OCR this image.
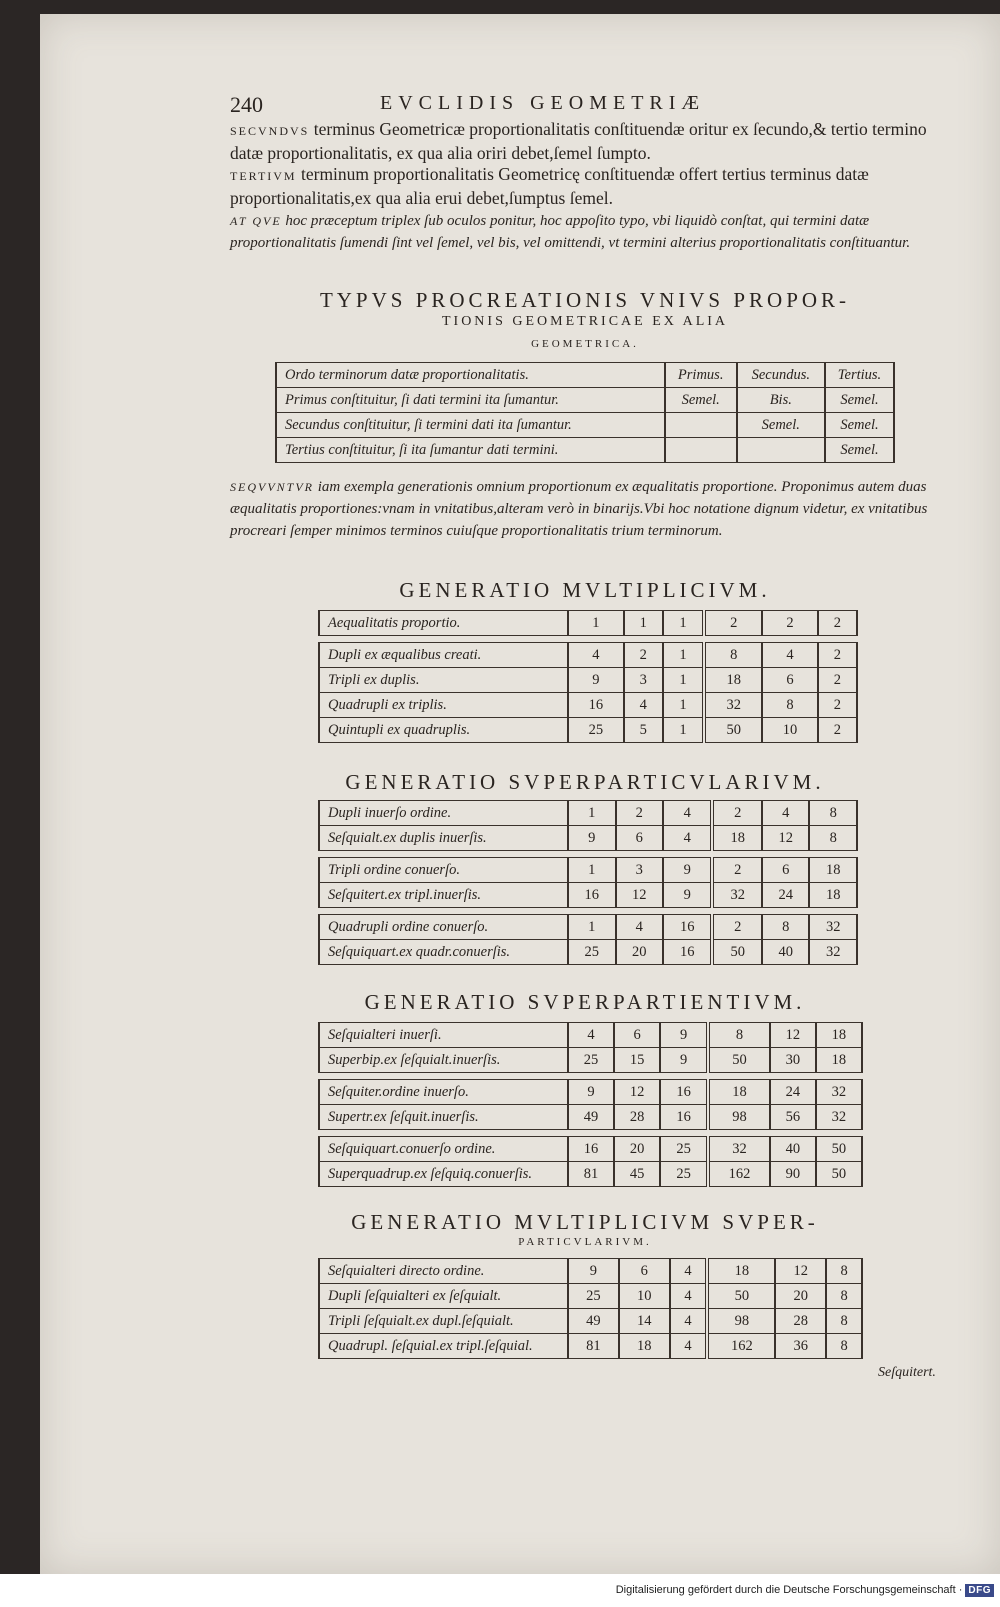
240	EVCLIDIS GEOMETRIÆ
SECVNDVS terminus Geometricæ proportionalitatis conſtituendæ oritur ex ſecundo,& tertio termino datæ proportionalitatis, ex qua alia oriri debet,ſemel ſumpto.
TERTIVM terminum proportionalitatis Geometricę conſtituendæ offert tertius terminus datæ proportionalitatis,ex qua alia erui debet,ſumptus ſemel.
AT QVE hoc præceptum triplex ſub oculos ponitur, hoc appoſito typo, vbi liquidò conſtat, qui termini datæ proportionalitatis ſumendi ſint vel ſemel, vel bis, vel omittendi, vt termini alterius proportionalitatis conſtituantur.
TYPVS PROCREATIONIS VNIVS PROPOR-
TIONIS GEOMETRICAE EX ALIA
GEOMETRICA.
Ordo terminorum datæ proportionalitatis.	Primus.	Secundus.	Tertius.
Primus conſtituitur, ſi dati termini ita ſumantur.	Semel.	Bis.	Semel.
Secundus conſtituitur, ſi termini dati ita ſumantur.		Semel.	Semel.
Tertius conſtituitur, ſi ita ſumantur dati termini.			Semel.
SEQVVNTVR iam exempla generationis omnium proportionum ex æqualitatis proportione. Proponimus autem duas æqualitatis proportiones:vnam in vnitatibus,alteram verò in binarijs.Vbi hoc notatione dignum videtur, ex vnitatibus procreari ſemper minimos terminos cuiuſque proportionalitatis trium terminorum.
GENERATIO MVLTIPLICIVM.
Aequalitatis proportio.	1	1	1	2	2	2

Dupli ex æqualibus creati.	4	2	1	8	4	2
Tripli ex duplis.	9	3	1	18	6	2
Quadrupli ex triplis.	16	4	1	32	8	2
Quintupli ex quadruplis.	25	5	1	50	10	2
GENERATIO SVPERPARTICVLARIVM.
Dupli inuerſo ordine.	1	2	4	2	4	8
Seſquialt.ex duplis inuerſis.	9	6	4	18	12	8

Tripli ordine conuerſo.	1	3	9	2	6	18
Seſquitert.ex tripl.inuerſis.	16	12	9	32	24	18

Quadrupli ordine conuerſo.	1	4	16	2	8	32
Seſquiquart.ex quadr.conuerſis.	25	20	16	50	40	32
GENERATIO SVPERPARTIENTIVM.
Seſquialteri inuerſi.	4	6	9	8	12	18
Superbip.ex ſeſquialt.inuerſis.	25	15	9	50	30	18

Seſquiter.ordine inuerſo.	9	12	16	18	24	32
Supertr.ex ſeſquit.inuerſis.	49	28	16	98	56	32

Seſquiquart.conuerſo ordine.	16	20	25	32	40	50
Superquadrup.ex ſeſquiq.conuerſis.	81	45	25	162	90	50
GENERATIO MVLTIPLICIVM SVPER-
PARTICVLARIVM.
Seſquialteri directo ordine.	9	6	4	18	12	8
Dupli ſeſquialteri ex ſeſquialt.	25	10	4	50	20	8
Tripli ſeſquialt.ex dupl.ſeſquialt.	49	14	4	98	28	8
Quadrupl. ſeſquial.ex tripl.ſeſquial.	81	18	4	162	36	8
Seſquitert.
Digitalisierung gefördert durch die Deutsche Forschungsgemeinschaft · DFG
